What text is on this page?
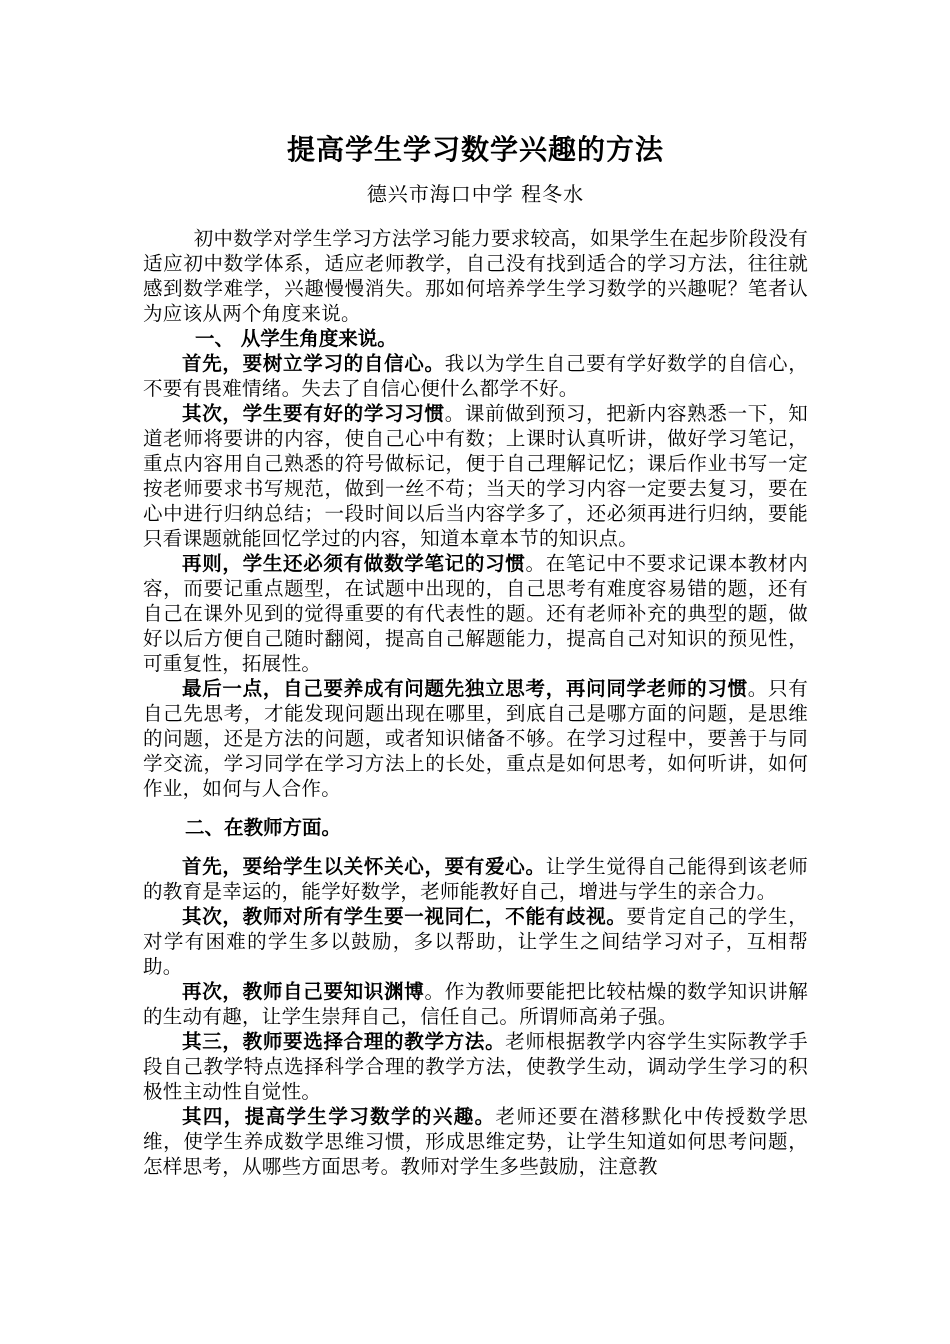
提高学生学习数学兴趣的方法
德兴市海口中学 程冬水

初中数学对学生学习方法学习能力要求较高，如果学生在起步阶段没有适应初中数学体系，适应老师教学，自己没有找到适合的学习方法，往往就感到数学难学，兴趣慢慢消失。那如何培养学生学习数学的兴趣呢？笔者认为应该从两个角度来说。

一、 从学生角度来说。

首先，要树立学习的自信心。我以为学生自己要有学好数学的自信心，不要有畏难情绪。失去了自信心便什么都学不好。

其次，学生要有好的学习习惯。课前做到预习，把新内容熟悉一下，知道老师将要讲的内容，使自己心中有数；上课时认真听讲，做好学习笔记，重点内容用自己熟悉的符号做标记，便于自己理解记忆；课后作业书写一定按老师要求书写规范，做到一丝不苟；当天的学习内容一定要去复习，要在心中进行归纳总结；一段时间以后当内容学多了，还必须再进行归纳，要能只看课题就能回忆学过的内容，知道本章本节的知识点。

再则，学生还必须有做数学笔记的习惯。在笔记中不要求记课本教材内容，而要记重点题型，在试题中出现的，自己思考有难度容易错的题，还有自己在课外见到的觉得重要的有代表性的题。还有老师补充的典型的题，做好以后方便自己随时翻阅，提高自己解题能力，提高自己对知识的预见性，可重复性，拓展性。

最后一点，自己要养成有问题先独立思考，再问同学老师的习惯。只有自己先思考，才能发现问题出现在哪里，到底自己是哪方面的问题，是思维的问题，还是方法的问题，或者知识储备不够。在学习过程中，要善于与同学交流，学习同学在学习方法上的长处，重点是如何思考，如何听讲，如何作业，如何与人合作。

二、在教师方面。

首先，要给学生以关怀关心，要有爱心。让学生觉得自己能得到该老师的教育是幸运的，能学好数学，老师能教好自己，增进与学生的亲合力。

其次，教师对所有学生要一视同仁，不能有歧视。要肯定自己的学生，对学有困难的学生多以鼓励，多以帮助，让学生之间结学习对子，互相帮助。

再次，教师自己要知识渊博。作为教师要能把比较枯燥的数学知识讲解的生动有趣，让学生崇拜自己，信任自己。所谓师高弟子强。

其三，教师要选择合理的教学方法。老师根据教学内容学生实际教学手段自己教学特点选择科学合理的教学方法，使教学生动，调动学生学习的积极性主动性自觉性。

其四，提高学生学习数学的兴趣。老师还要在潜移默化中传授数学思维，使学生养成数学思维习惯，形成思维定势，让学生知道如何思考问题，怎样思考，从哪些方面思考。教师对学生多些鼓励，注意教
